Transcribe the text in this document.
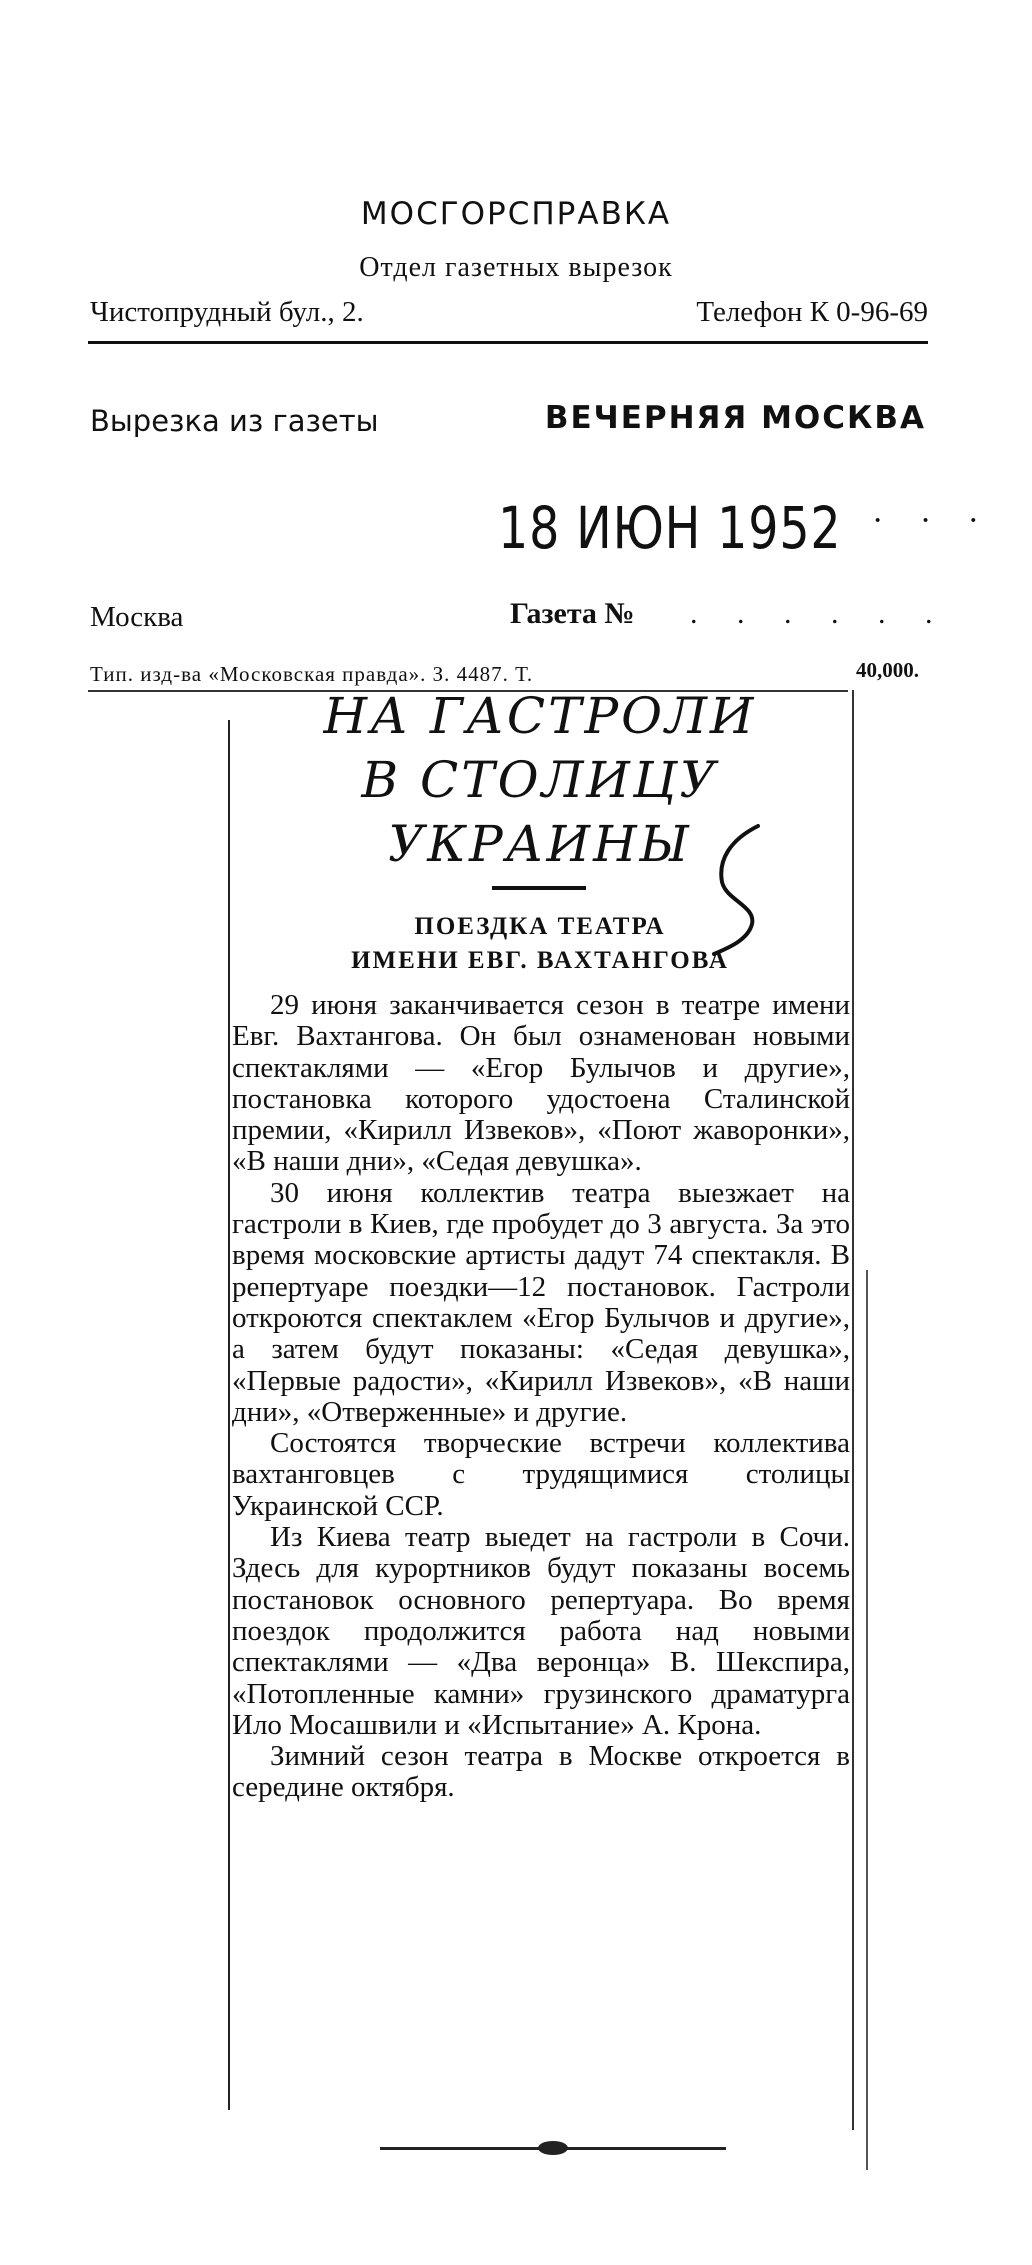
МОСГОРСПРАВКА
Отдел газетных вырезок
Чистопрудный бул., 2.	Телефон К 0-96-69
Вырезка из газеты	ВЕЧЕРНЯЯ МОСКВА
18 ИЮН 1952 · · ·
Москва	Газета № . . . . . .
Тип. изд-ва «Московская правда». З. 4487. Т.	40,000.
НА ГАСТРОЛИ
В СТОЛИЦУ
УКРАИНЫ
ПОЕЗДКА ТЕАТРА
ИМЕНИ ЕВГ. ВАХТАНГОВА

29 июня заканчивается сезон в театре имени Евг. Вахтангова. Он был ознаменован новыми спектаклями — «Егор Булычов и другие», постановка которого удостоена Сталинской премии, «Кирилл Извеков», «Поют жаворонки», «В наши дни», «Седая девушка».

30 июня коллектив театра выезжает на гастроли в Киев, где пробудет до 3 августа. За это время московские артисты дадут 74 спектакля. В репертуаре поездки—12 постановок. Гастроли откроются спектаклем «Егор Булычов и другие», а затем будут показаны: «Седая девушка», «Первые радости», «Кирилл Извеков», «В наши дни», «Отверженные» и другие.

Состоятся творческие встречи коллектива вахтанговцев с трудящимися столицы Украинской ССР.

Из Киева театр выедет на гастроли в Сочи. Здесь для курортников будут показаны восемь постановок основного репертуара. Во время поездок продолжится работа над новыми спектаклями — «Два веронца» В. Шекспира, «Потопленные камни» грузинского драматурга Ило Мосашвили и «Испытание» А. Крона.

Зимний сезон театра в Москве откроется в середине октября.
